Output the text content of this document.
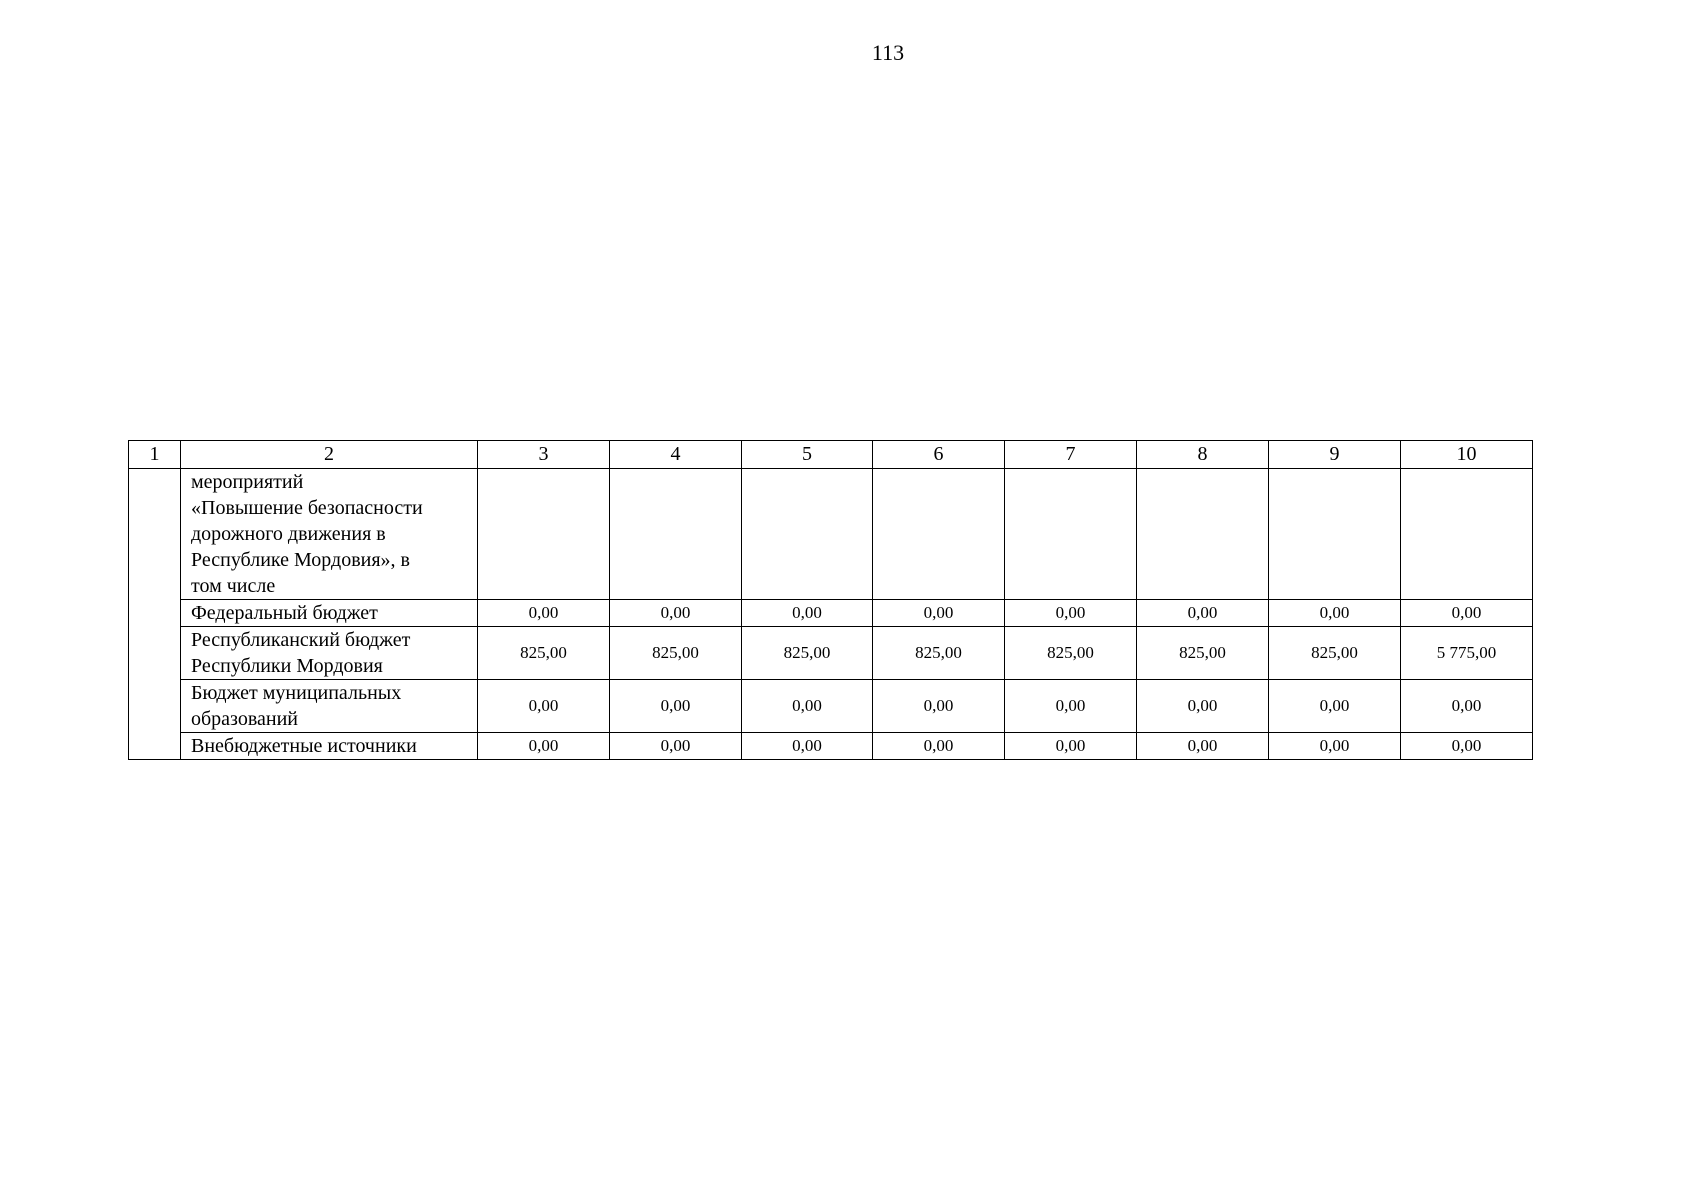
113
1	2	3	4	5	6	7	8	9	10

	мероприятий
«Повышение безопасности
дорожного движения в
Республике Мордовия», в
том числе								

	Федеральный бюджет	0,00	0,00	0,00	0,00	0,00	0,00	0,00	0,00

	Республиканский бюджет
Республики Мордовия	825,00	825,00	825,00	825,00	825,00	825,00	825,00	5 775,00

	Бюджет муниципальных
образований	0,00	0,00	0,00	0,00	0,00	0,00	0,00	0,00

	Внебюджетные источники	0,00	0,00	0,00	0,00	0,00	0,00	0,00	0,00
